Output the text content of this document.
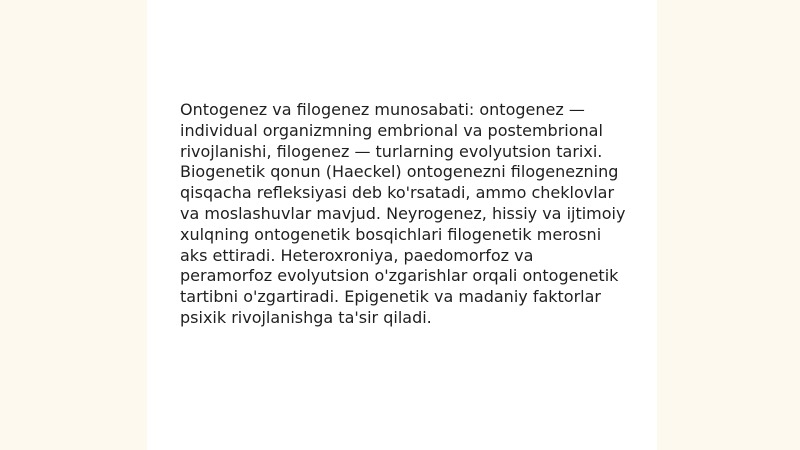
Ontogenez va filogenez munosabati: ontogenez — individual organizmning embrional va postembrional rivojlanishi, filogenez — turlarning evolyutsion tarixi. Biogenetik qonun (Haeckel) ontogenezni filogenezning qisqacha refleksiyasi deb ko'rsatadi, ammo cheklovlar va moslashuvlar mavjud. Neyrogenez, hissiy va ijtimoiy xulqning ontogenetik bosqichlari filogenetik merosni aks ettiradi. Heteroxroniya, paedomorfoz va peramorfoz evolyutsion o'zgarishlar orqali ontogenetik tartibni o'zgartiradi. Epigenetik va madaniy faktorlar psixik rivojlanishga ta'sir qiladi.
